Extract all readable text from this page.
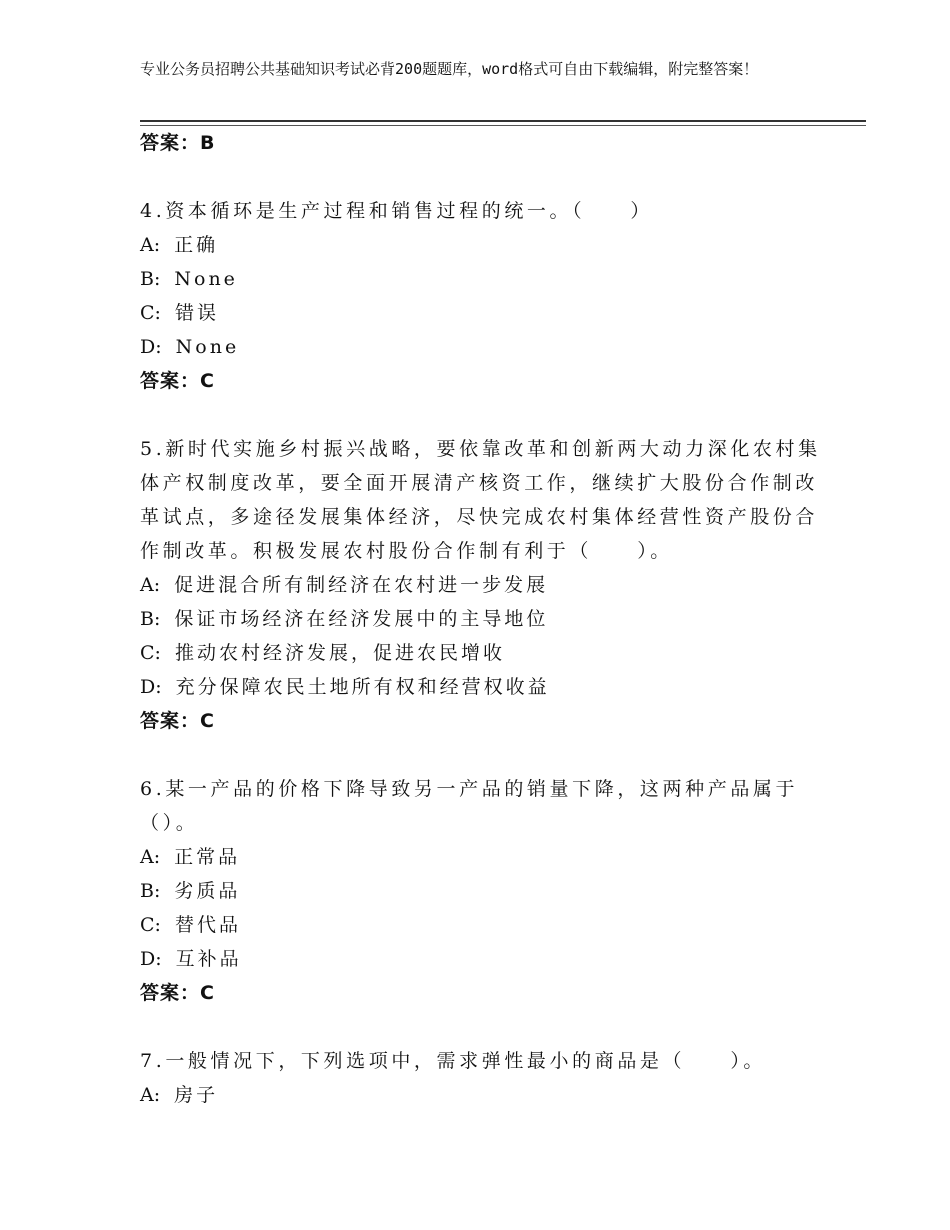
专业公务员招聘公共基础知识考试必背200题题库，word格式可自由下载编辑，附完整答案！
答案：B

4.资本循环是生产过程和销售过程的统一。（　　）

A: 正确
B: None
C: 错误
D: None
答案：C

5.新时代实施乡村振兴战略，要依靠改革和创新两大动力深化农村集体产权制度改革，要全面开展清产核资工作，继续扩大股份合作制改革试点，多途径发展集体经济，尽快完成农村集体经营性资产股份合作制改革。积极发展农村股份合作制有利于（　　）。

A: 促进混合所有制经济在农村进一步发展
B: 保证市场经济在经济发展中的主导地位
C: 推动农村经济发展，促进农民增收
D: 充分保障农民土地所有权和经营权收益
答案：C

6.某一产品的价格下降导致另一产品的销量下降，这两种产品属于（）。

A: 正常品
B: 劣质品
C: 替代品
D: 互补品
答案：C

7.一般情况下，下列选项中，需求弹性最小的商品是（　　）。

A: 房子
